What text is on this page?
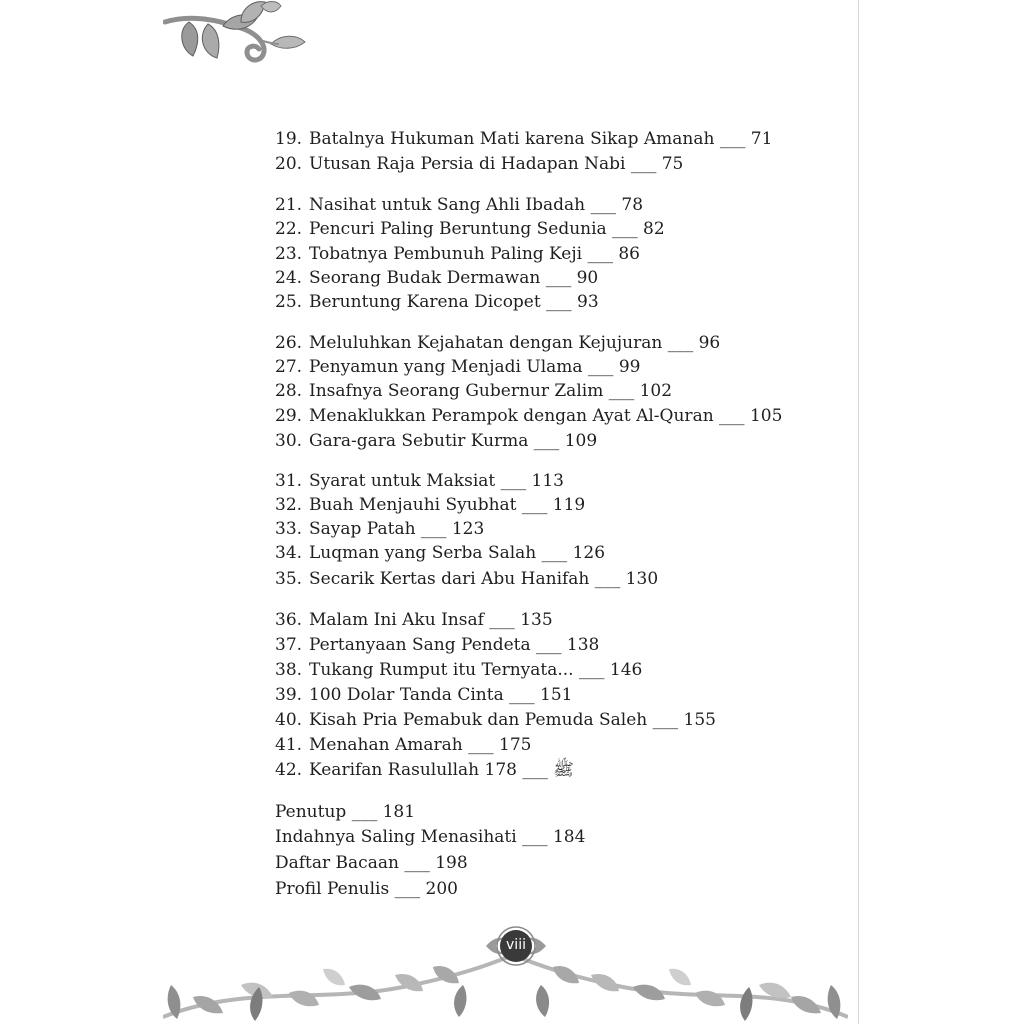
19. Batalnya Hukuman Mati karena Sikap Amanah ___ 71
20. Utusan Raja Persia di Hadapan Nabi ___ 75
21. Nasihat untuk Sang Ahli Ibadah ___ 78
22. Pencuri Paling Beruntung Sedunia ___ 82
23. Tobatnya Pembunuh Paling Keji ___ 86
24. Seorang Budak Dermawan ___ 90
25. Beruntung Karena Dicopet ___ 93
26. Meluluhkan Kejahatan dengan Kejujuran ___ 96
27. Penyamun yang Menjadi Ulama ___ 99
28. Insafnya Seorang Gubernur Zalim ___ 102
29. Menaklukkan Perampok dengan Ayat Al-Quran ___ 105
30. Gara-gara Sebutir Kurma ___ 109
31. Syarat untuk Maksiat ___ 113
32. Buah Menjauhi Syubhat ___ 119
33. Sayap Patah ___ 123
34. Luqman yang Serba Salah ___ 126
35. Secarik Kertas dari Abu Hanifah ___ 130
36. Malam Ini Aku Insaf ___ 135
37. Pertanyaan Sang Pendeta ___ 138
38. Tukang Rumput itu Ternyata... ___ 146
39. 100 Dolar Tanda Cinta ___ 151
40. Kisah Pria Pemabuk dan Pemuda Saleh ___ 155
41. Menahan Amarah ___ 175
42. Kearifan Rasulullah ﷺ ___ 178
Penutup ___ 181
Indahnya Saling Menasihati ___ 184
Daftar Bacaan ___ 198
Profil Penulis ___ 200
viii
